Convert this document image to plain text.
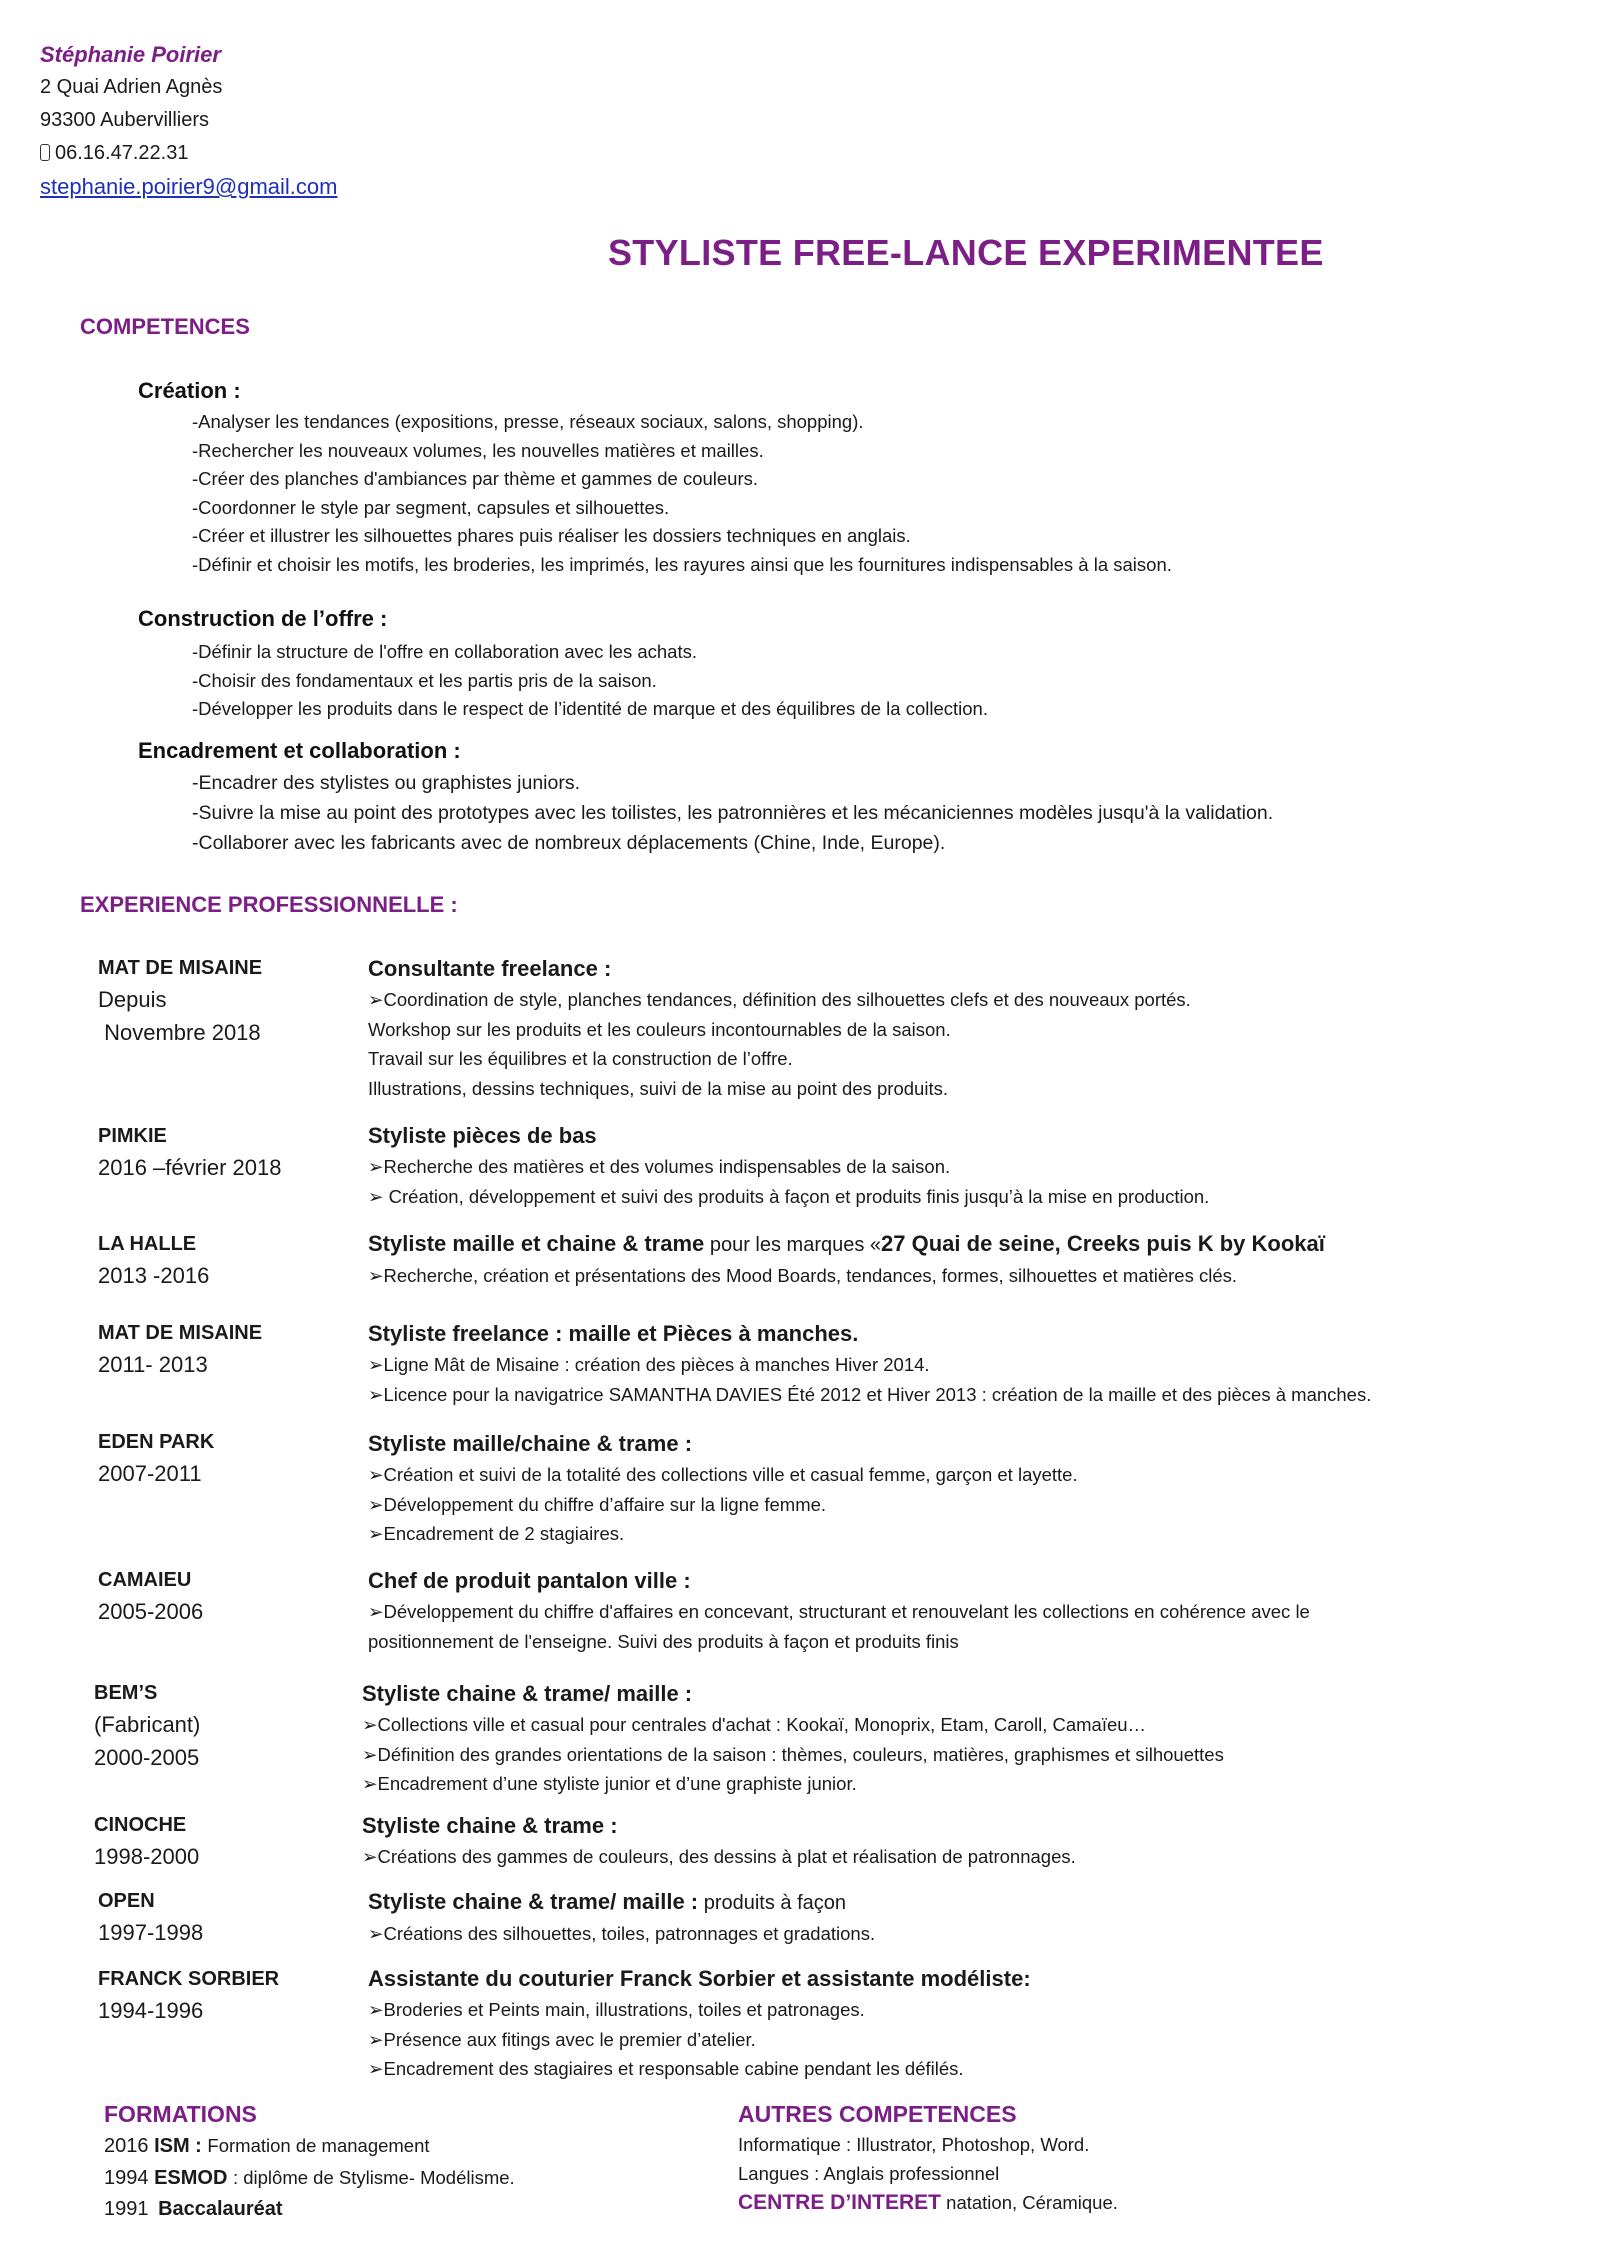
Stéphanie Poirier
2 Quai Adrien Agnès
93300 Aubervilliers
06.16.47.22.31
stephanie.poirier9@gmail.com
STYLISTE FREE-LANCE EXPERIMENTEE
COMPETENCES
Création :
-Analyser les tendances (expositions, presse, réseaux sociaux, salons, shopping).
-Rechercher les nouveaux volumes, les nouvelles matières et mailles.
-Créer des planches d'ambiances par thème et gammes de couleurs.
-Coordonner le style par segment, capsules et silhouettes.
-Créer et illustrer les silhouettes phares puis réaliser les dossiers techniques en anglais.
-Définir et choisir les motifs, les broderies, les imprimés, les rayures ainsi que les fournitures indispensables à la saison.
Construction de l’offre :
-Définir la structure de l'offre en collaboration avec les achats.
-Choisir des fondamentaux et les partis pris de la saison.
-Développer les produits dans le respect de l’identité de marque et des équilibres de la collection.
Encadrement et collaboration :
-Encadrer des stylistes ou graphistes juniors.
-Suivre la mise au point des prototypes avec les toilistes, les patronnières et les mécaniciennes modèles jusqu'à la validation.
-Collaborer avec les fabricants avec de nombreux déplacements (Chine, Inde, Europe).
EXPERIENCE PROFESSIONNELLE :
MAT DE MISAINE
Depuis
Novembre 2018
Consultante freelance :
➢Coordination de style, planches tendances, définition des silhouettes clefs et des nouveaux portés.
Workshop sur les produits et les couleurs incontournables de la saison.
Travail sur les équilibres et la construction de l’offre.
Illustrations, dessins techniques, suivi de la mise au point des produits.
PIMKIE
2016 –février 2018
Styliste pièces de bas
➢Recherche des matières et des volumes indispensables de la saison.
➢ Création, développement et suivi des produits à façon et produits finis jusqu’à la mise en production.
LA HALLE
2013 -2016
Styliste maille et chaine & trame pour les marques «27 Quai de seine, Creeks puis K by Kookaï
➢Recherche, création et présentations des Mood Boards, tendances, formes, silhouettes et matières clés.
MAT DE MISAINE
2011- 2013
Styliste freelance : maille et Pièces à manches.
➢Ligne Mât de Misaine : création des pièces à manches Hiver 2014.
➢Licence pour la navigatrice SAMANTHA DAVIES Été 2012 et Hiver 2013 : création de la maille et des pièces à manches.
EDEN PARK
2007-2011
Styliste maille/chaine & trame :
➢Création et suivi de la totalité des collections ville et casual femme, garçon et layette.
➢Développement du chiffre d’affaire sur la ligne femme.
➢Encadrement de 2 stagiaires.
CAMAIEU
2005-2006
Chef de produit pantalon ville :
➢Développement du chiffre d'affaires en concevant, structurant et renouvelant les collections en cohérence avec le
positionnement de l'enseigne. Suivi des produits à façon et produits finis
BEM’S
(Fabricant)
2000-2005
Styliste chaine & trame/ maille :
➢Collections ville et casual pour centrales d'achat : Kookaï, Monoprix, Etam, Caroll, Camaïeu…
➢Définition des grandes orientations de la saison : thèmes, couleurs, matières, graphismes et silhouettes
➢Encadrement d’une styliste junior et d’une graphiste junior.
CINOCHE
1998-2000
Styliste chaine & trame :
➢Créations des gammes de couleurs, des dessins à plat et réalisation de patronnages.
OPEN
1997-1998
Styliste chaine & trame/ maille : produits à façon
➢Créations des silhouettes, toiles, patronnages et gradations.
FRANCK SORBIER
1994-1996
Assistante du couturier Franck Sorbier et assistante modéliste:
➢Broderies et Peints main, illustrations, toiles et patronages.
➢Présence aux fitings avec le premier d’atelier.
➢Encadrement des stagiaires et responsable cabine pendant les défilés.
FORMATIONS
2016 ISM : Formation de management
1994 ESMOD : diplôme de Stylisme- Modélisme.
1991 Baccalauréat
AUTRES COMPETENCES
Informatique : Illustrator, Photoshop, Word.
Langues : Anglais professionnel
CENTRE D’INTERET natation, Céramique.
